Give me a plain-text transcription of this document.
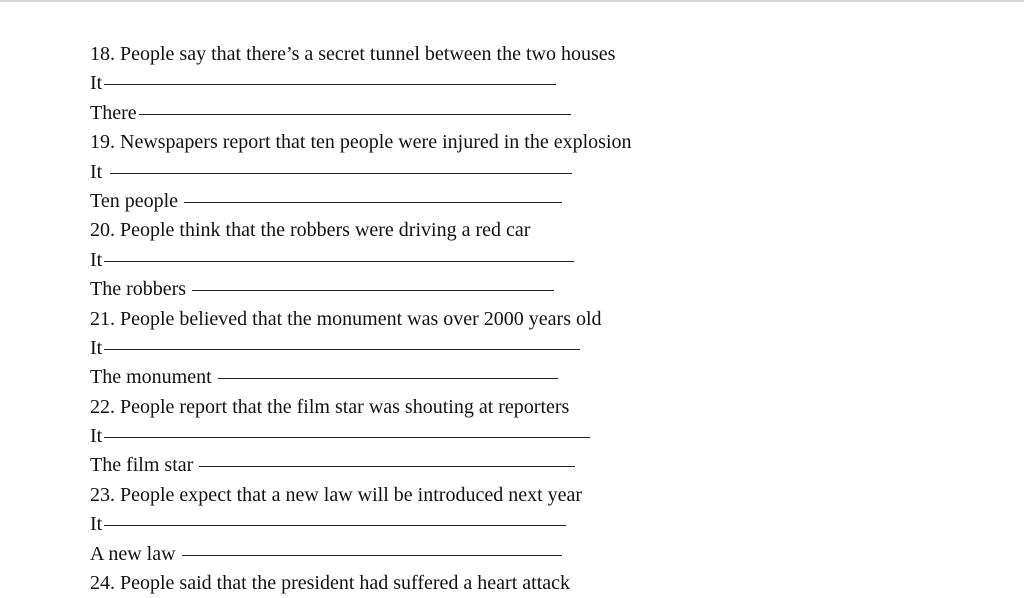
18. People say that there’s a secret tunnel between the two houses
It
There
19. Newspapers report that ten people were injured in the explosion
It
Ten people
20. People think that the robbers were driving a red car
It
The robbers
21. People believed that the monument was over 2000 years old
It
The monument
22. People report that the film star was shouting at reporters
It
The film star
23. People expect that a new law will be introduced next year
It
A new law
24. People said that the president had suffered a heart attack
